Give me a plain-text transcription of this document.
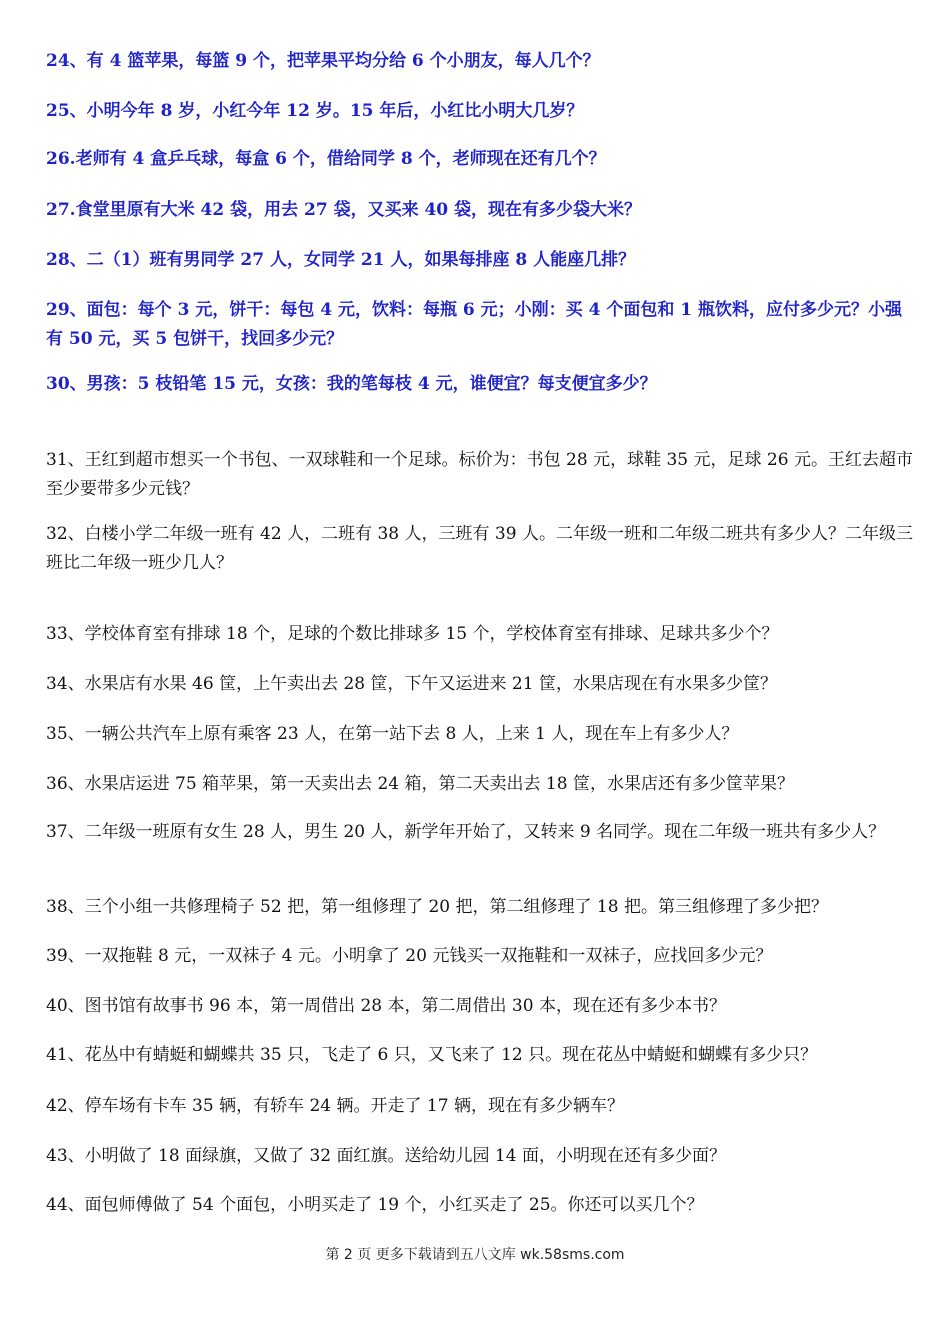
24、有 4 篮苹果，每篮 9 个，把苹果平均分给 6 个小朋友，每人几个？

25、小明今年 8 岁，小红今年 12 岁。15 年后，小红比小明大几岁？

26.老师有 4 盒乒乓球，每盒 6 个，借给同学 8 个，老师现在还有几个？

27.食堂里原有大米 42 袋，用去 27 袋，又买来 40 袋，现在有多少袋大米？

28、二（1）班有男同学 27 人，女同学 21 人，如果每排座 8 人能座几排？

29、面包：每个 3 元，饼干：每包 4 元，饮料：每瓶 6 元；小刚：买 4 个面包和 1 瓶饮料，应付多少元？小强有 50 元，买 5 包饼干，找回多少元？

30、男孩：5 枝铅笔 15 元，女孩：我的笔每枝 4 元，谁便宜？每支便宜多少？

31、王红到超市想买一个书包、一双球鞋和一个足球。标价为：书包 28 元，球鞋 35 元，足球 26 元。王红去超市至少要带多少元钱？

32、白楼小学二年级一班有 42 人，二班有 38 人，三班有 39 人。二年级一班和二年级二班共有多少人？二年级三班比二年级一班少几人？

33、学校体育室有排球 18 个，足球的个数比排球多 15 个，学校体育室有排球、足球共多少个？

34、水果店有水果 46 筐，上午卖出去 28 筐，下午又运进来 21 筐，水果店现在有水果多少筐？

35、一辆公共汽车上原有乘客 23 人，在第一站下去 8 人，上来 1 人，现在车上有多少人？

36、水果店运进 75 箱苹果，第一天卖出去 24 箱，第二天卖出去 18 筐，水果店还有多少筐苹果？

37、二年级一班原有女生 28 人，男生 20 人，新学年开始了，又转来 9 名同学。现在二年级一班共有多少人？

38、三个小组一共修理椅子 52 把，第一组修理了 20 把，第二组修理了 18 把。第三组修理了多少把？

39、一双拖鞋 8 元，一双袜子 4 元。小明拿了 20 元钱买一双拖鞋和一双袜子，应找回多少元？

40、图书馆有故事书 96 本，第一周借出 28 本，第二周借出 30 本，现在还有多少本书？

41、花丛中有蜻蜓和蝴蝶共 35 只，飞走了 6 只，又飞来了 12 只。现在花丛中蜻蜓和蝴蝶有多少只？

42、停车场有卡车 35 辆，有轿车 24 辆。开走了 17 辆，现在有多少辆车？

43、小明做了 18 面绿旗，又做了 32 面红旗。送给幼儿园 14 面，小明现在还有多少面？

44、面包师傅做了 54 个面包，小明买走了 19 个，小红买走了 25。你还可以买几个？

第 2 页 更多下载请到五八文库 wk.58sms.com
